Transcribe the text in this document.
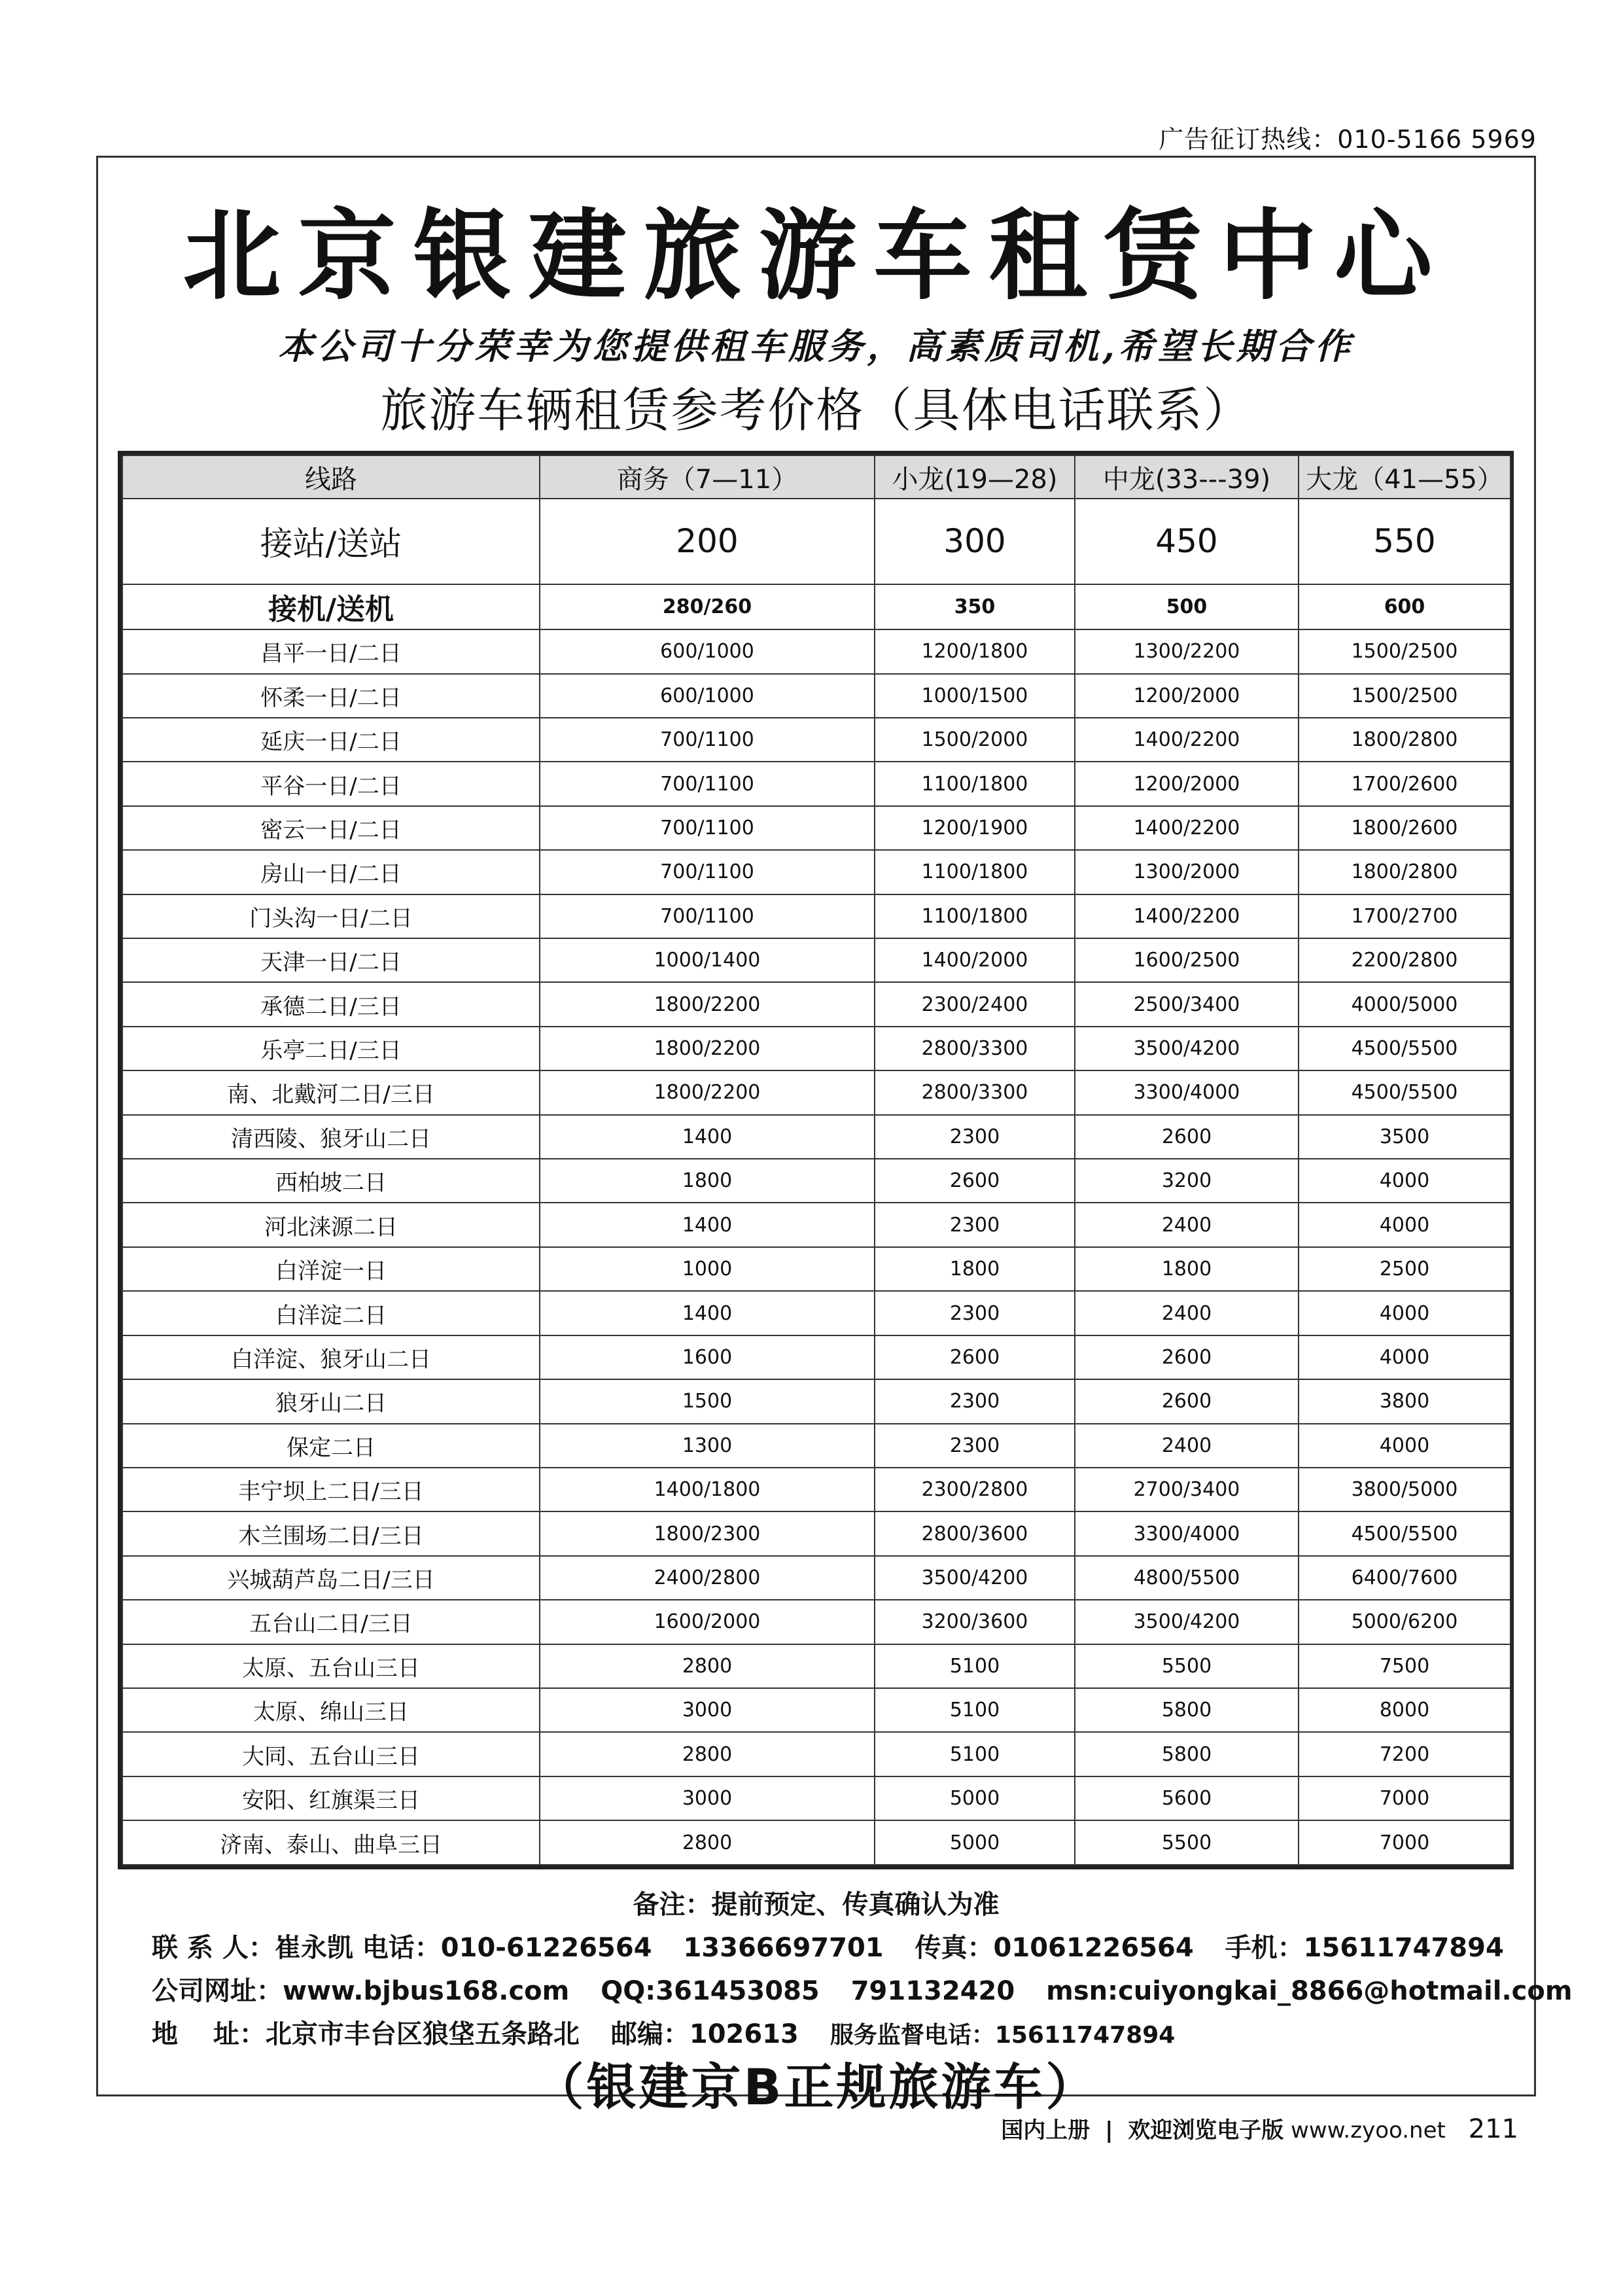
广告征订热线：010-5166 5969
北京银建旅游车租赁中心
本公司十分荣幸为您提供租车服务，高素质司机,希望长期合作
旅游车辆租赁参考价格（具体电话联系）
线路	商务（7—11）	小龙(19—28)	中龙(33---39)	大龙（41—55）
接站/送站	200	300	450	550
接机/送机	280/260	350	500	600
昌平一日/二日	600/1000	1200/1800	1300/2200	1500/2500
怀柔一日/二日	600/1000	1000/1500	1200/2000	1500/2500
延庆一日/二日	700/1100	1500/2000	1400/2200	1800/2800
平谷一日/二日	700/1100	1100/1800	1200/2000	1700/2600
密云一日/二日	700/1100	1200/1900	1400/2200	1800/2600
房山一日/二日	700/1100	1100/1800	1300/2000	1800/2800
门头沟一日/二日	700/1100	1100/1800	1400/2200	1700/2700
天津一日/二日	1000/1400	1400/2000	1600/2500	2200/2800
承德二日/三日	1800/2200	2300/2400	2500/3400	4000/5000
乐亭二日/三日	1800/2200	2800/3300	3500/4200	4500/5500
南、北戴河二日/三日	1800/2200	2800/3300	3300/4000	4500/5500
清西陵、狼牙山二日	1400	2300	2600	3500
西柏坡二日	1800	2600	3200	4000
河北涞源二日	1400	2300	2400	4000
白洋淀一日	1000	1800	1800	2500
白洋淀二日	1400	2300	2400	4000
白洋淀、狼牙山二日	1600	2600	2600	4000
狼牙山二日	1500	2300	2600	3800
保定二日	1300	2300	2400	4000
丰宁坝上二日/三日	1400/1800	2300/2800	2700/3400	3800/5000
木兰围场二日/三日	1800/2300	2800/3600	3300/4000	4500/5500
兴城葫芦岛二日/三日	2400/2800	3500/4200	4800/5500	6400/7600
五台山二日/三日	1600/2000	3200/3600	3500/4200	5000/6200
太原、五台山三日	2800	5100	5500	7500
太原、绵山三日	3000	5100	5800	8000
大同、五台山三日	2800	5100	5800	7200
安阳、红旗渠三日	3000	5000	5600	7000
济南、泰山、曲阜三日	2800	5000	5500	7000
备注：提前预定、传真确认为准
联 系 人：崔永凯 电话：010-61226564 13366697701 传真：01061226564 手机：15611747894
公司网址：www.bjbus168.com QQ:361453085 791132420 msn:cuiyongkai_8866@hotmail.com
地　 址：北京市丰台区狼垡五条路北 邮编：102613 服务监督电话：15611747894
（银建京B正规旅游车）
国内上册 | 欢迎浏览电子版 www.zyoo.net 211
